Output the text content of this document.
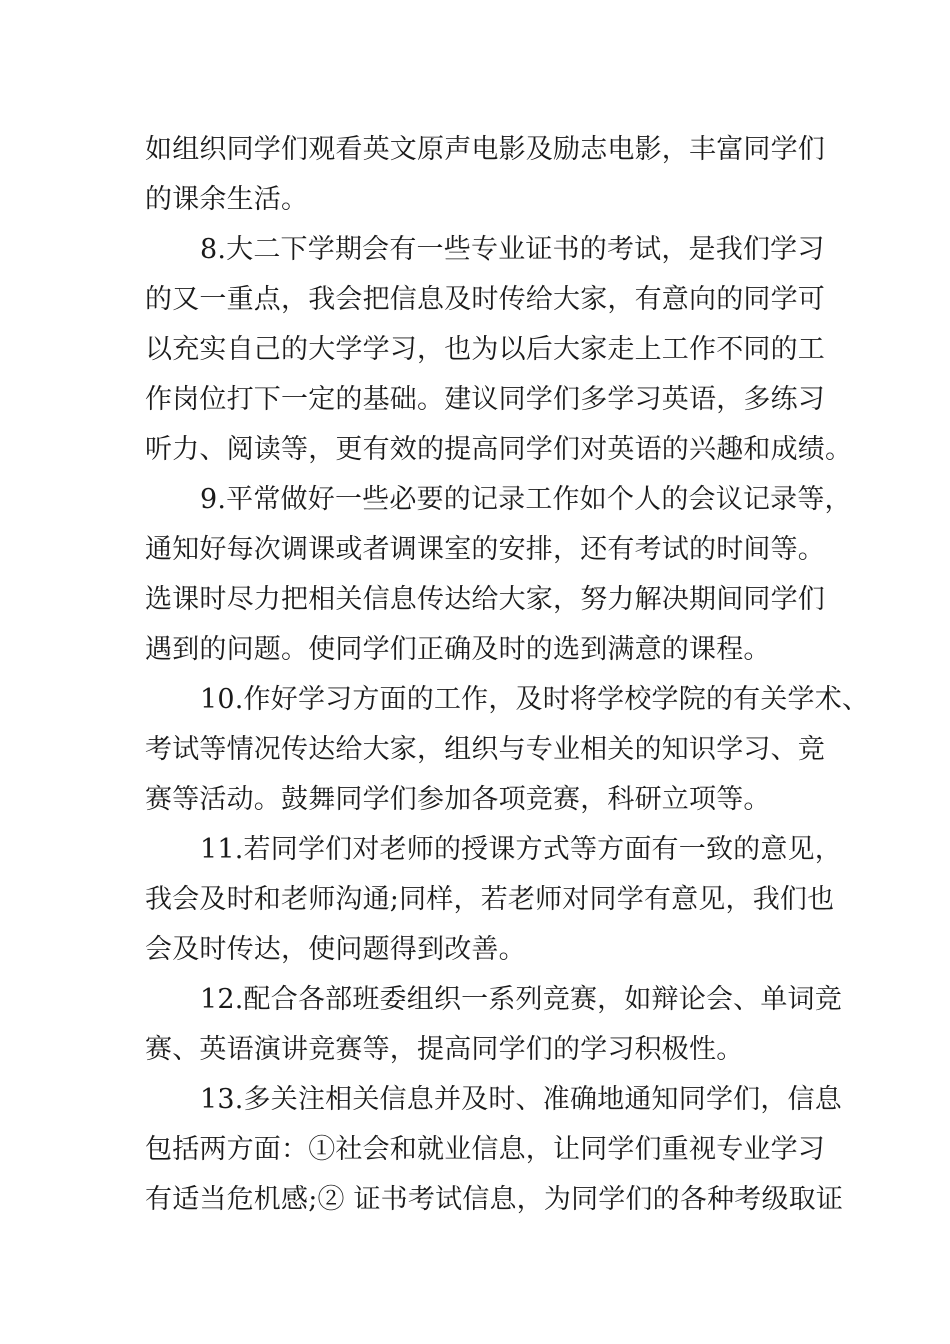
如组织同学们观看英文原声电影及励志电影，丰富同学们
的课余生活。
8.大二下学期会有一些专业证书的考试，是我们学习
的又一重点，我会把信息及时传给大家，有意向的同学可
以充实自己的大学学习，也为以后大家走上工作不同的工
作岗位打下一定的基础。建议同学们多学习英语，多练习
听力、阅读等，更有效的提高同学们对英语的兴趣和成绩。
9.平常做好一些必要的记录工作如个人的会议记录等，
通知好每次调课或者调课室的安排，还有考试的时间等。
选课时尽力把相关信息传达给大家，努力解决期间同学们
遇到的问题。使同学们正确及时的选到满意的课程。
10.作好学习方面的工作，及时将学校学院的有关学术、
考试等情况传达给大家，组织与专业相关的知识学习、竞
赛等活动。鼓舞同学们参加各项竞赛，科研立项等。
11.若同学们对老师的授课方式等方面有一致的意见，
我会及时和老师沟通;同样，若老师对同学有意见，我们也
会及时传达，使问题得到改善。
12.配合各部班委组织一系列竞赛，如辩论会、单词竞
赛、英语演讲竞赛等，提高同学们的学习积极性。
13.多关注相关信息并及时、准确地通知同学们，信息
包括两方面：①社会和就业信息，让同学们重视专业学习
有适当危机感;② 证书考试信息，为同学们的各种考级取证
